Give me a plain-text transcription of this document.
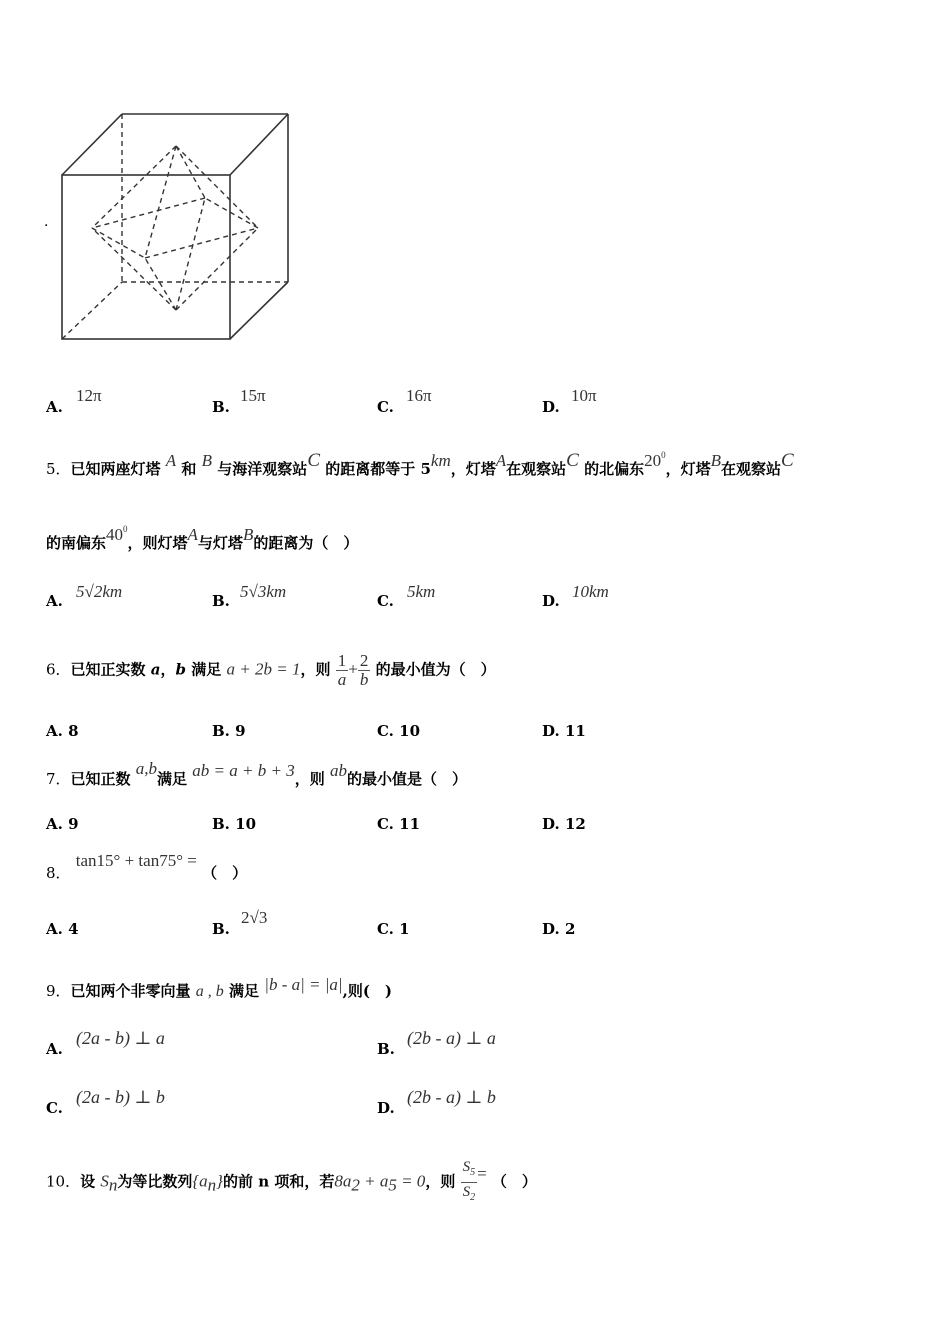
·
A.
12π
B.
15π
C.
16π
D.
10π
5．已知两座灯塔 A 和 B 与海洋观察站C 的距离都等于 5km，灯塔A在观察站C 的北偏东$20^0$，灯塔B在观察站C
的南偏东$40^0$，则灯塔A与灯塔B的距离为（　）
A. 5√2km	B. 5√3km	C. 5km	D. 10km
6．已知正实数 a，b 满足 a + 2b = 1，则 $\frac{1}{a} + \frac{2}{b}$ 的最小值为（　）
A. 8	B. 9	C. 10	D. 11
7．已知正数 a,b满足 ab = a + b + 3，则 ab的最小值是（　）
A. 9	B. 10	C. 11	D. 12
8． tan15° + tan75° = （　）
A. 4	B.
2√3
C. 1	D. 2
9．已知两个非零向量 a , b 满足 |b - a| = |a|,则(　)
A.
(2a - b) ⊥ a
B.
(2b - a) ⊥ a
C.
(2a - b) ⊥ b
D.
(2b - a) ⊥ b
10．设 $S_n$为等比数列$\{a_n\}$的前 n 项和，若$8a_2 + a_5 = 0$，则 $\frac{S_5}{S_2}$ = （　）
